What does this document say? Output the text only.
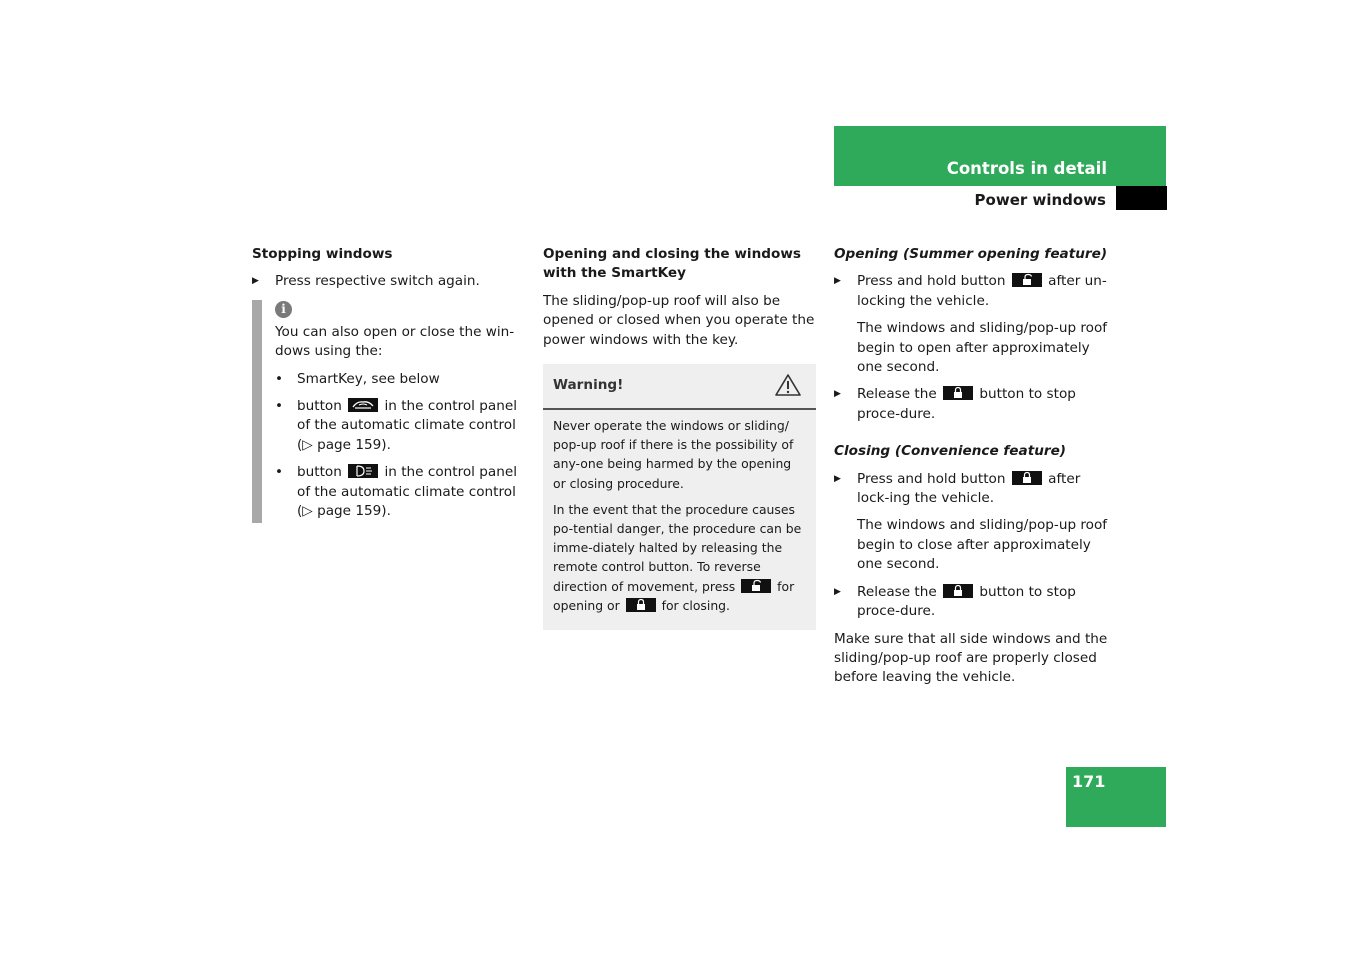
Controls in detail
Power windows
Stopping windows
▶ Press respective switch again.
i

You can also open or close the win-dows using the:

• SmartKey, see below
• button	in the control panel of the automatic climate control (▷ page 159).
• button	in the control panel of the automatic climate control (▷ page 159).
Opening and closing the windows with the SmartKey

The sliding/pop-up roof will also be opened or closed when you operate the power windows with the key.

Warning!

Never operate the windows or sliding/ pop-up roof if there is the possibility of any-one being harmed by the opening or closing procedure.

In the event that the procedure causes po-tential danger, the procedure can be imme-diately halted by releasing the remote control button. To reverse direction of movement, press	for opening or	for closing.

Opening (Summer opening feature)
▶ Press and hold button	after un-locking the vehicle.
The windows and sliding/pop-up roof begin to open after approximately one second.
▶ Release the	button to stop proce-dure.
Closing (Convenience feature)
▶ Press and hold button	after lock-ing the vehicle.
The windows and sliding/pop-up roof begin to close after approximately one second.
▶ Release the	button to stop proce-dure.

Make sure that all side windows and the sliding/pop-up roof are properly closed before leaving the vehicle.

171
